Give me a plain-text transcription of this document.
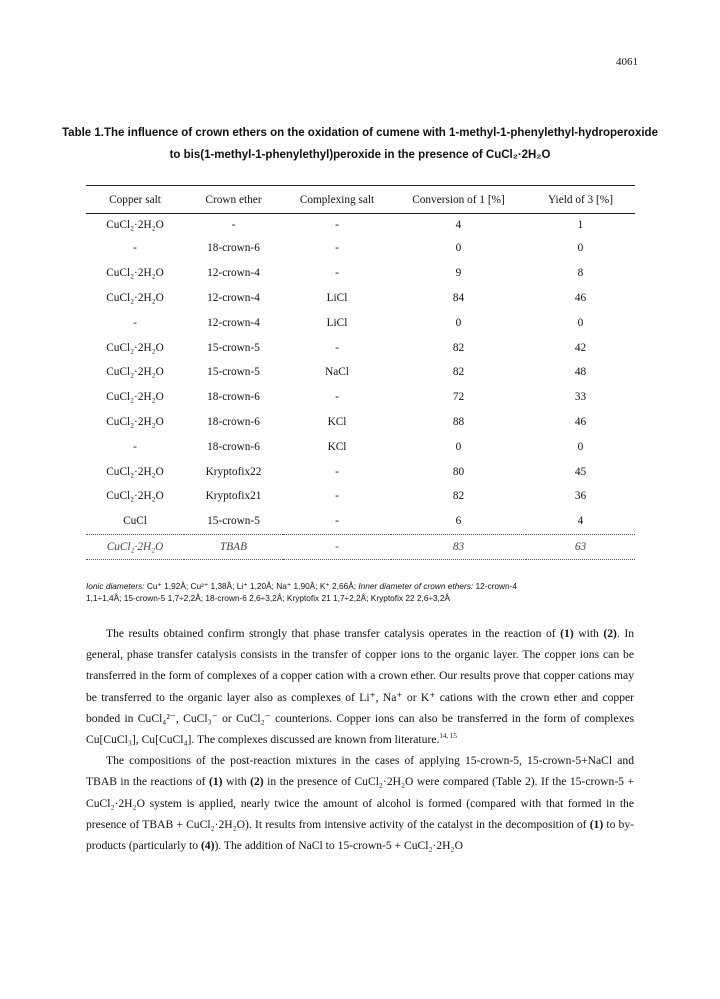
4061
Table 1.The influence of crown ethers on the oxidation of cumene with 1-methyl-1-phenylethyl-hydroperoxide to bis(1-methyl-1-phenylethyl)peroxide in the presence of CuCl₂·2H₂O
Copper salt	Crown ether	Complexing salt	Conversion of 1 [%]	Yield of 3 [%]
CuCl₂·2H₂O	-	-	4	1
-	18-crown-6	-	0	0
CuCl₂·2H₂O	12-crown-4	-	9	8
CuCl₂·2H₂O	12-crown-4	LiCl	84	46
-	12-crown-4	LiCl	0	0
CuCl₂·2H₂O	15-crown-5	-	82	42
CuCl₂·2H₂O	15-crown-5	NaCl	82	48
CuCl₂·2H₂O	18-crown-6	-	72	33
CuCl₂·2H₂O	18-crown-6	KCl	88	46
-	18-crown-6	KCl	0	0
CuCl₂·2H₂O	Kryptofix22	-	80	45
CuCl₂·2H₂O	Kryptofix21	-	82	36
CuCl	15-crown-5	-	6	4
CuCl₂·2H₂O	TBAB	-	83	63
Ionic diameters: Cu⁺ 1,92Å; Cu²⁺ 1,38Å; Li⁺ 1,20Å; Na⁺ 1,90Å; K⁺ 2,66Å; Inner diameter of crown ethers: 12-crown-4
1,1÷1,4Å; 15-crown-5 1,7÷2,2Å; 18-crown-6 2,6÷3,2Å; Kryptofix 21 1,7÷2,2Å; Kryptofix 22 2,6÷3,2Å

The results obtained confirm strongly that phase transfer catalysis operates in the reaction of (1) with (2). In general, phase transfer catalysis consists in the transfer of copper ions to the organic layer. The copper ions can be transferred in the form of complexes of a copper cation with a crown ether. Our results prove that copper cations may be transferred to the organic layer also as complexes of Li⁺, Na⁺ or K⁺ cations with the crown ether and copper bonded in CuCl₄²⁻, CuCl₃⁻ or CuCl₂⁻ counterions. Copper ions can also be transferred in the form of complexes Cu[CuCl₃], Cu[CuCl₄]. The complexes discussed are known from literature.$^{14, 15}$

The compositions of the post-reaction mixtures in the cases of applying 15-crown-5, 15-crown-5+NaCl and TBAB in the reactions of (1) with (2) in the presence of CuCl₂·2H₂O were compared (Table 2). If the 15-crown-5 + CuCl₂·2H₂O system is applied, nearly twice the amount of alcohol is formed (compared with that formed in the presence of TBAB + CuCl₂·2H₂O). It results from intensive activity of the catalyst in the decomposition of (1) to by-products (particularly to (4)). The addition of NaCl to 15-crown-5 + CuCl₂·2H₂O
